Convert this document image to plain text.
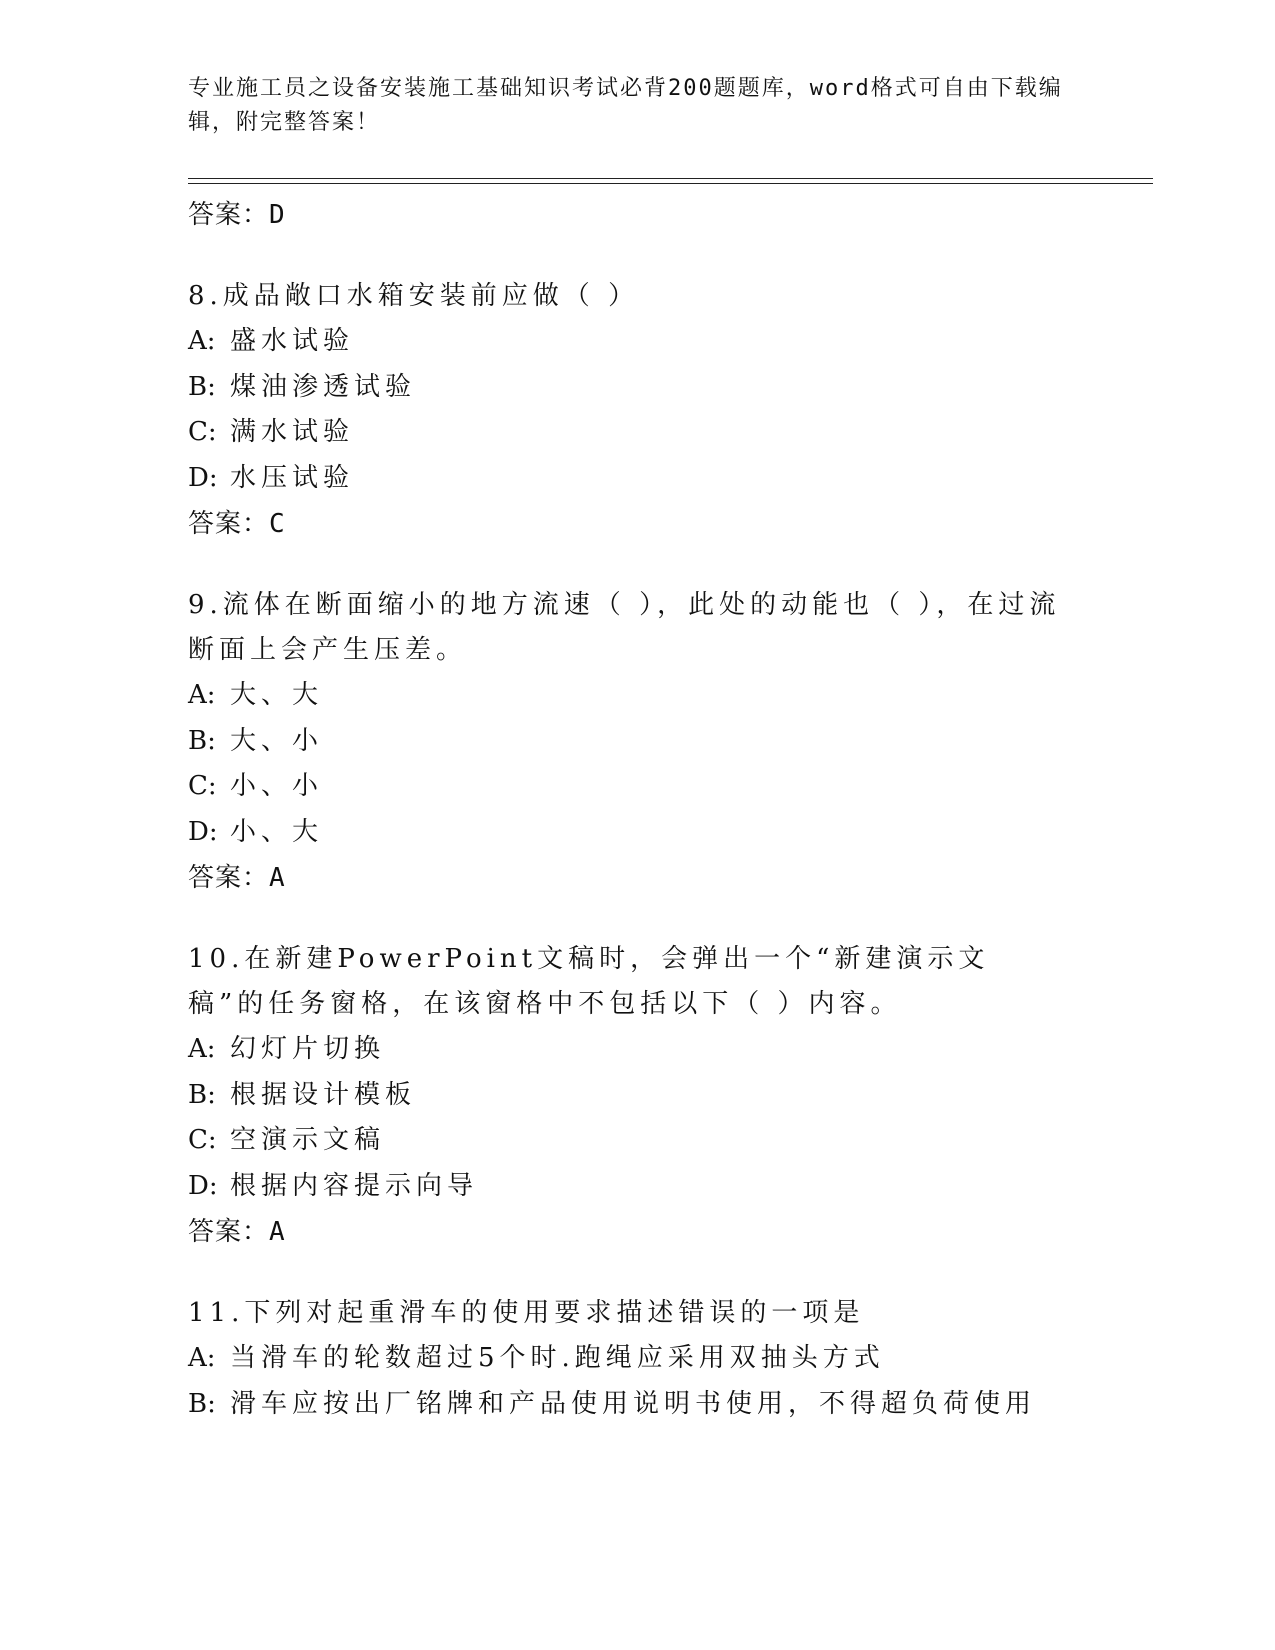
专业施工员之设备安装施工基础知识考试必背200题题库，word格式可自由下载编辑，附完整答案！
答案：D
8.成品敞口水箱安装前应做（ ）
A: 盛水试验
B: 煤油渗透试验
C: 满水试验
D: 水压试验
答案：C
9.流体在断面缩小的地方流速（ ），此处的动能也（ ），在过流断面上会产生压差。
A: 大、大
B: 大、小
C: 小、小
D: 小、大
答案：A
10.在新建PowerPoint文稿时，会弹出一个“新建演示文稿”的任务窗格，在该窗格中不包括以下（ ）内容。
A: 幻灯片切换
B: 根据设计模板
C: 空演示文稿
D: 根据内容提示向导
答案：A
11.下列对起重滑车的使用要求描述错误的一项是
A: 当滑车的轮数超过5个时.跑绳应采用双抽头方式
B: 滑车应按出厂铭牌和产品使用说明书使用，不得超负荷使用
